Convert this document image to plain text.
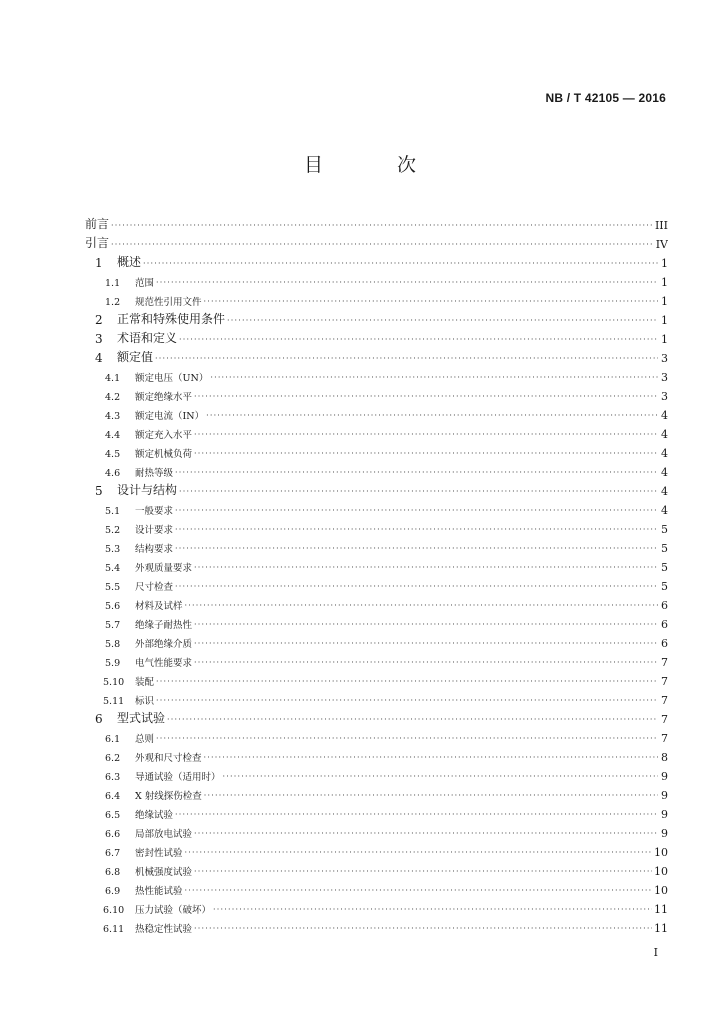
NB / T 42105 — 2016
目 次
前言 ·····	III
引言 ·····	IV
1	概述 ·····	1
1.1	范围 ·····	1
1.2	规范性引用文件 ·····	1
2	正常和特殊使用条件 ·····	1
3	术语和定义 ·····	1
4	额定值 ·····	3
4.1	额定电压（UN） ·····	3
4.2	额定绝缘水平 ·····	3
4.3	额定电流（IN） ·····	4
4.4	额定充入水平 ·····	4
4.5	额定机械负荷 ·····	4
4.6	耐热等级 ·····	4
5	设计与结构 ·····	4
5.1	一般要求 ·····	4
5.2	设计要求 ·····	5
5.3	结构要求 ·····	5
5.4	外观质量要求 ·····	5
5.5	尺寸检查 ·····	5
5.6	材料及试样 ·····	6
5.7	绝缘子耐热性 ·····	6
5.8	外部绝缘介质 ·····	6
5.9	电气性能要求 ·····	7
5.10	装配 ·····	7
5.11	标识 ·····	7
6	型式试验 ·····	7
6.1	总则 ·····	7
6.2	外观和尺寸检查 ·····	8
6.3	导通试验（适用时） ·····	9
6.4	X 射线探伤检查 ·····	9
6.5	绝缘试验 ·····	9
6.6	局部放电试验 ·····	9
6.7	密封性试验 ·····	10
6.8	机械强度试验 ·····	10
6.9	热性能试验 ·····	10
6.10	压力试验（破坏） ·····	11
6.11	热稳定性试验 ·····	11
I
